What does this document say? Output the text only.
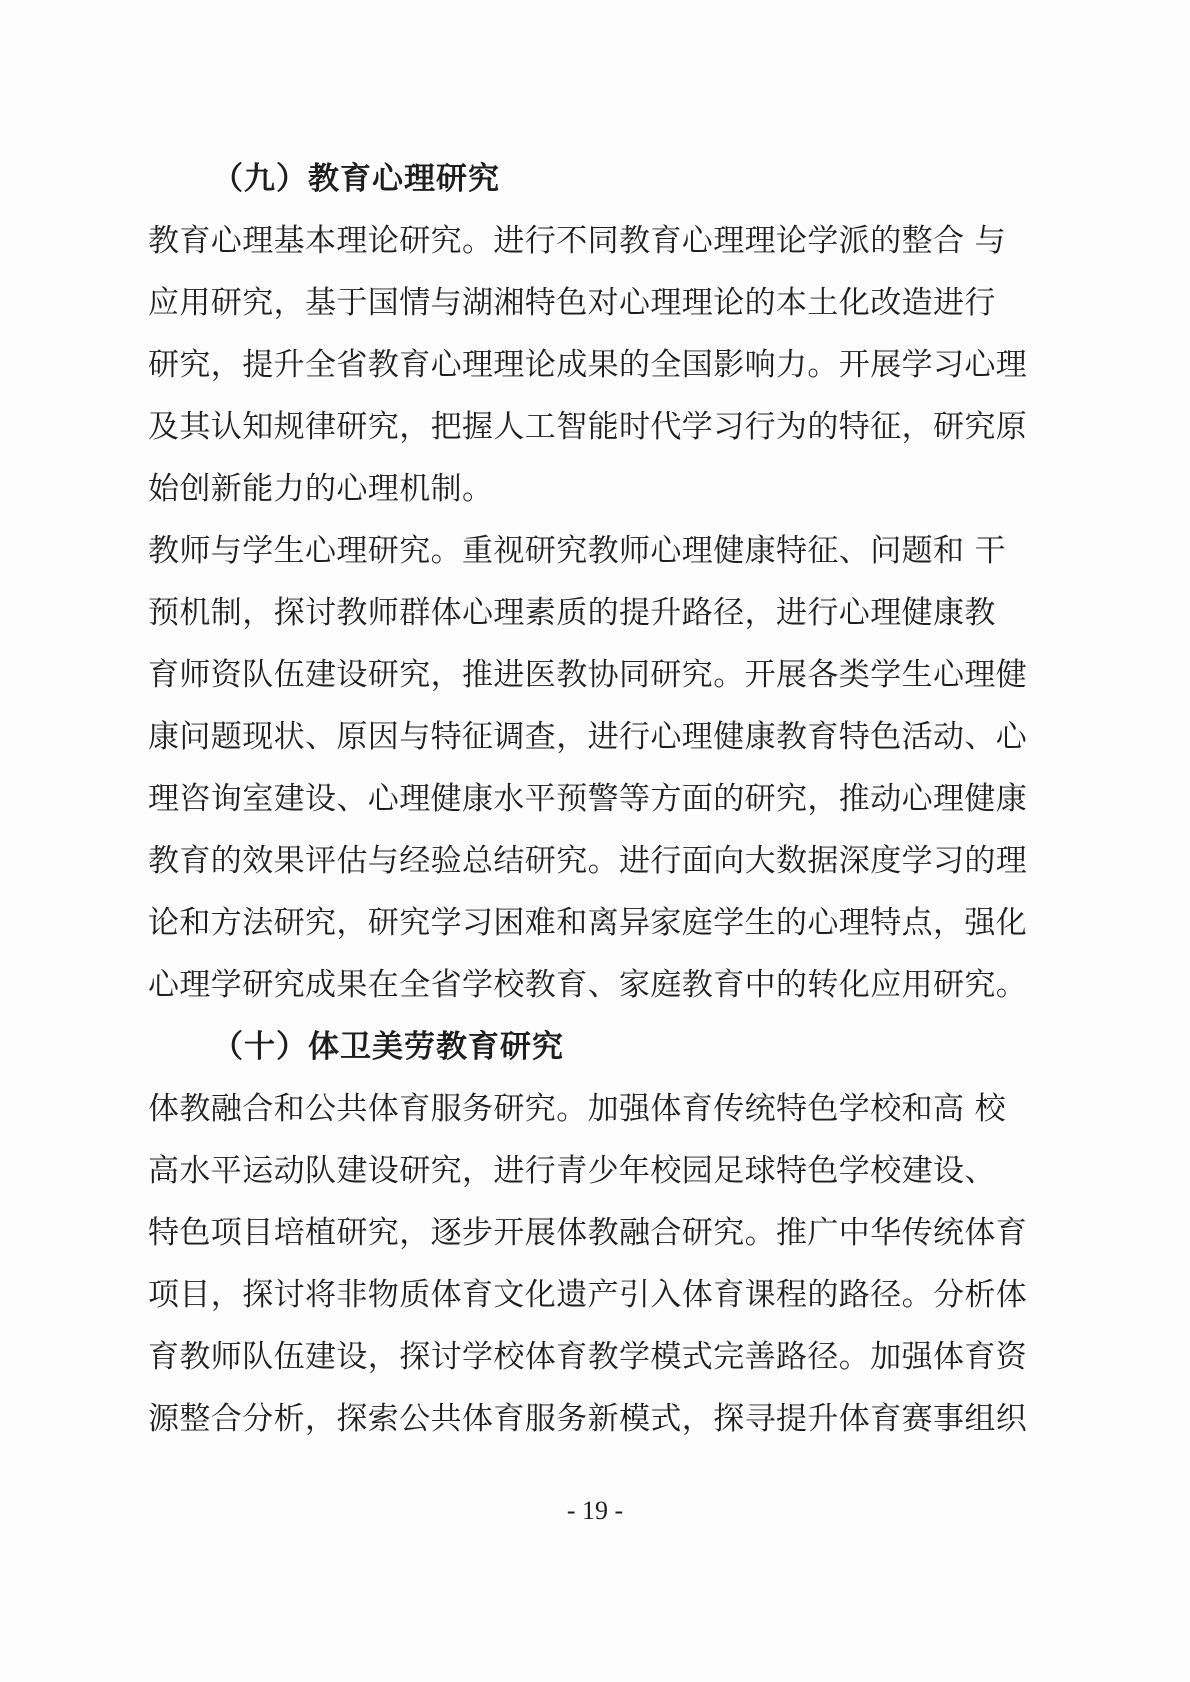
（九）教育心理研究
教育心理基本理论研究。进行不同教育心理理论学派的整合 与应用研究，基于国情与湖湘特色对心理理论的本土化改造进行 研究，提升全省教育心理理论成果的全国影响力。开展学习心理 及其认知规律研究，把握人工智能时代学习行为的特征，研究原 始创新能力的心理机制。
教师与学生心理研究。重视研究教师心理健康特征、问题和 干预机制，探讨教师群体心理素质的提升路径，进行心理健康教 育师资队伍建设研究，推进医教协同研究。开展各类学生心理健 康问题现状、原因与特征调查，进行心理健康教育特色活动、心 理咨询室建设、心理健康水平预警等方面的研究，推动心理健康 教育的效果评估与经验总结研究。进行面向大数据深度学习的理 论和方法研究，研究学习困难和离异家庭学生的心理特点，强化 心理学研究成果在全省学校教育、家庭教育中的转化应用研究。
（十）体卫美劳教育研究
体教融合和公共体育服务研究。加强体育传统特色学校和高 校高水平运动队建设研究，进行青少年校园足球特色学校建设、 特色项目培植研究，逐步开展体教融合研究。推广中华传统体育 项目，探讨将非物质体育文化遗产引入体育课程的路径。分析体 育教师队伍建设，探讨学校体育教学模式完善路径。加强体育资 源整合分析，探索公共体育服务新模式，探寻提升体育赛事组织
- 19 -
